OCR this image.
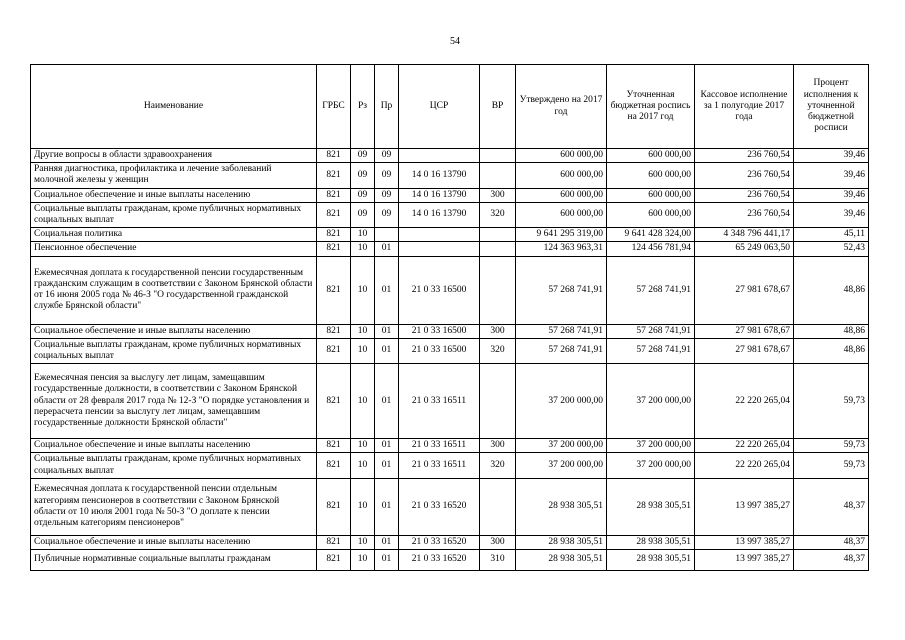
54
Наименование	ГРБС	Рз	Пр	ЦСР	ВР	Утверждено на 2017 год	Уточненная бюджетная роспись на 2017 год	Кассовое исполнение за 1 полугодие 2017 года	Процент исполнения к уточненной бюджетной росписи
Другие вопросы в области здравоохранения	821	09	09			600 000,00	600 000,00	236 760,54	39,46
Ранняя диагностика, профилактика и лечение заболеваний молочной железы у женщин	821	09	09	14 0 16 13790		600 000,00	600 000,00	236 760,54	39,46
Социальное обеспечение и иные выплаты населению	821	09	09	14 0 16 13790	300	600 000,00	600 000,00	236 760,54	39,46
Социальные выплаты гражданам, кроме публичных нормативных социальных выплат	821	09	09	14 0 16 13790	320	600 000,00	600 000,00	236 760,54	39,46
Социальная политика	821	10				9 641 295 319,00	9 641 428 324,00	4 348 796 441,17	45,11
Пенсионное обеспечение	821	10	01			124 363 963,31	124 456 781,94	65 249 063,50	52,43
Ежемесячная доплата к государственной пенсии государственным гражданским служащим в соответствии с Законом Брянской области от 16 июня 2005 года № 46-З "О государственной гражданской службе Брянской области"	821	10	01	21 0 33 16500		57 268 741,91	57 268 741,91	27 981 678,67	48,86
Социальное обеспечение и иные выплаты населению	821	10	01	21 0 33 16500	300	57 268 741,91	57 268 741,91	27 981 678,67	48,86
Социальные выплаты гражданам, кроме публичных нормативных социальных выплат	821	10	01	21 0 33 16500	320	57 268 741,91	57 268 741,91	27 981 678,67	48,86
Ежемесячная пенсия за выслугу лет лицам, замещавшим государственные должности, в соответствии с Законом Брянской области от 28 февраля 2017 года № 12-З "О порядке установления и перерасчета пенсии за выслугу лет лицам, замещавшим государственные должности Брянской области"	821	10	01	21 0 33 16511		37 200 000,00	37 200 000,00	22 220 265,04	59,73
Социальное обеспечение и иные выплаты населению	821	10	01	21 0 33 16511	300	37 200 000,00	37 200 000,00	22 220 265,04	59,73
Социальные выплаты гражданам, кроме публичных нормативных социальных выплат	821	10	01	21 0 33 16511	320	37 200 000,00	37 200 000,00	22 220 265,04	59,73
Ежемесячная доплата к государственной пенсии отдельным категориям пенсионеров в соответствии с Законом Брянской области от 10 июля 2001 года № 50-З "О доплате к пенсии отдельным категориям пенсионеров"	821	10	01	21 0 33 16520		28 938 305,51	28 938 305,51	13 997 385,27	48,37
Социальное обеспечение и иные выплаты населению	821	10	01	21 0 33 16520	300	28 938 305,51	28 938 305,51	13 997 385,27	48,37
Публичные нормативные социальные выплаты гражданам	821	10	01	21 0 33 16520	310	28 938 305,51	28 938 305,51	13 997 385,27	48,37
